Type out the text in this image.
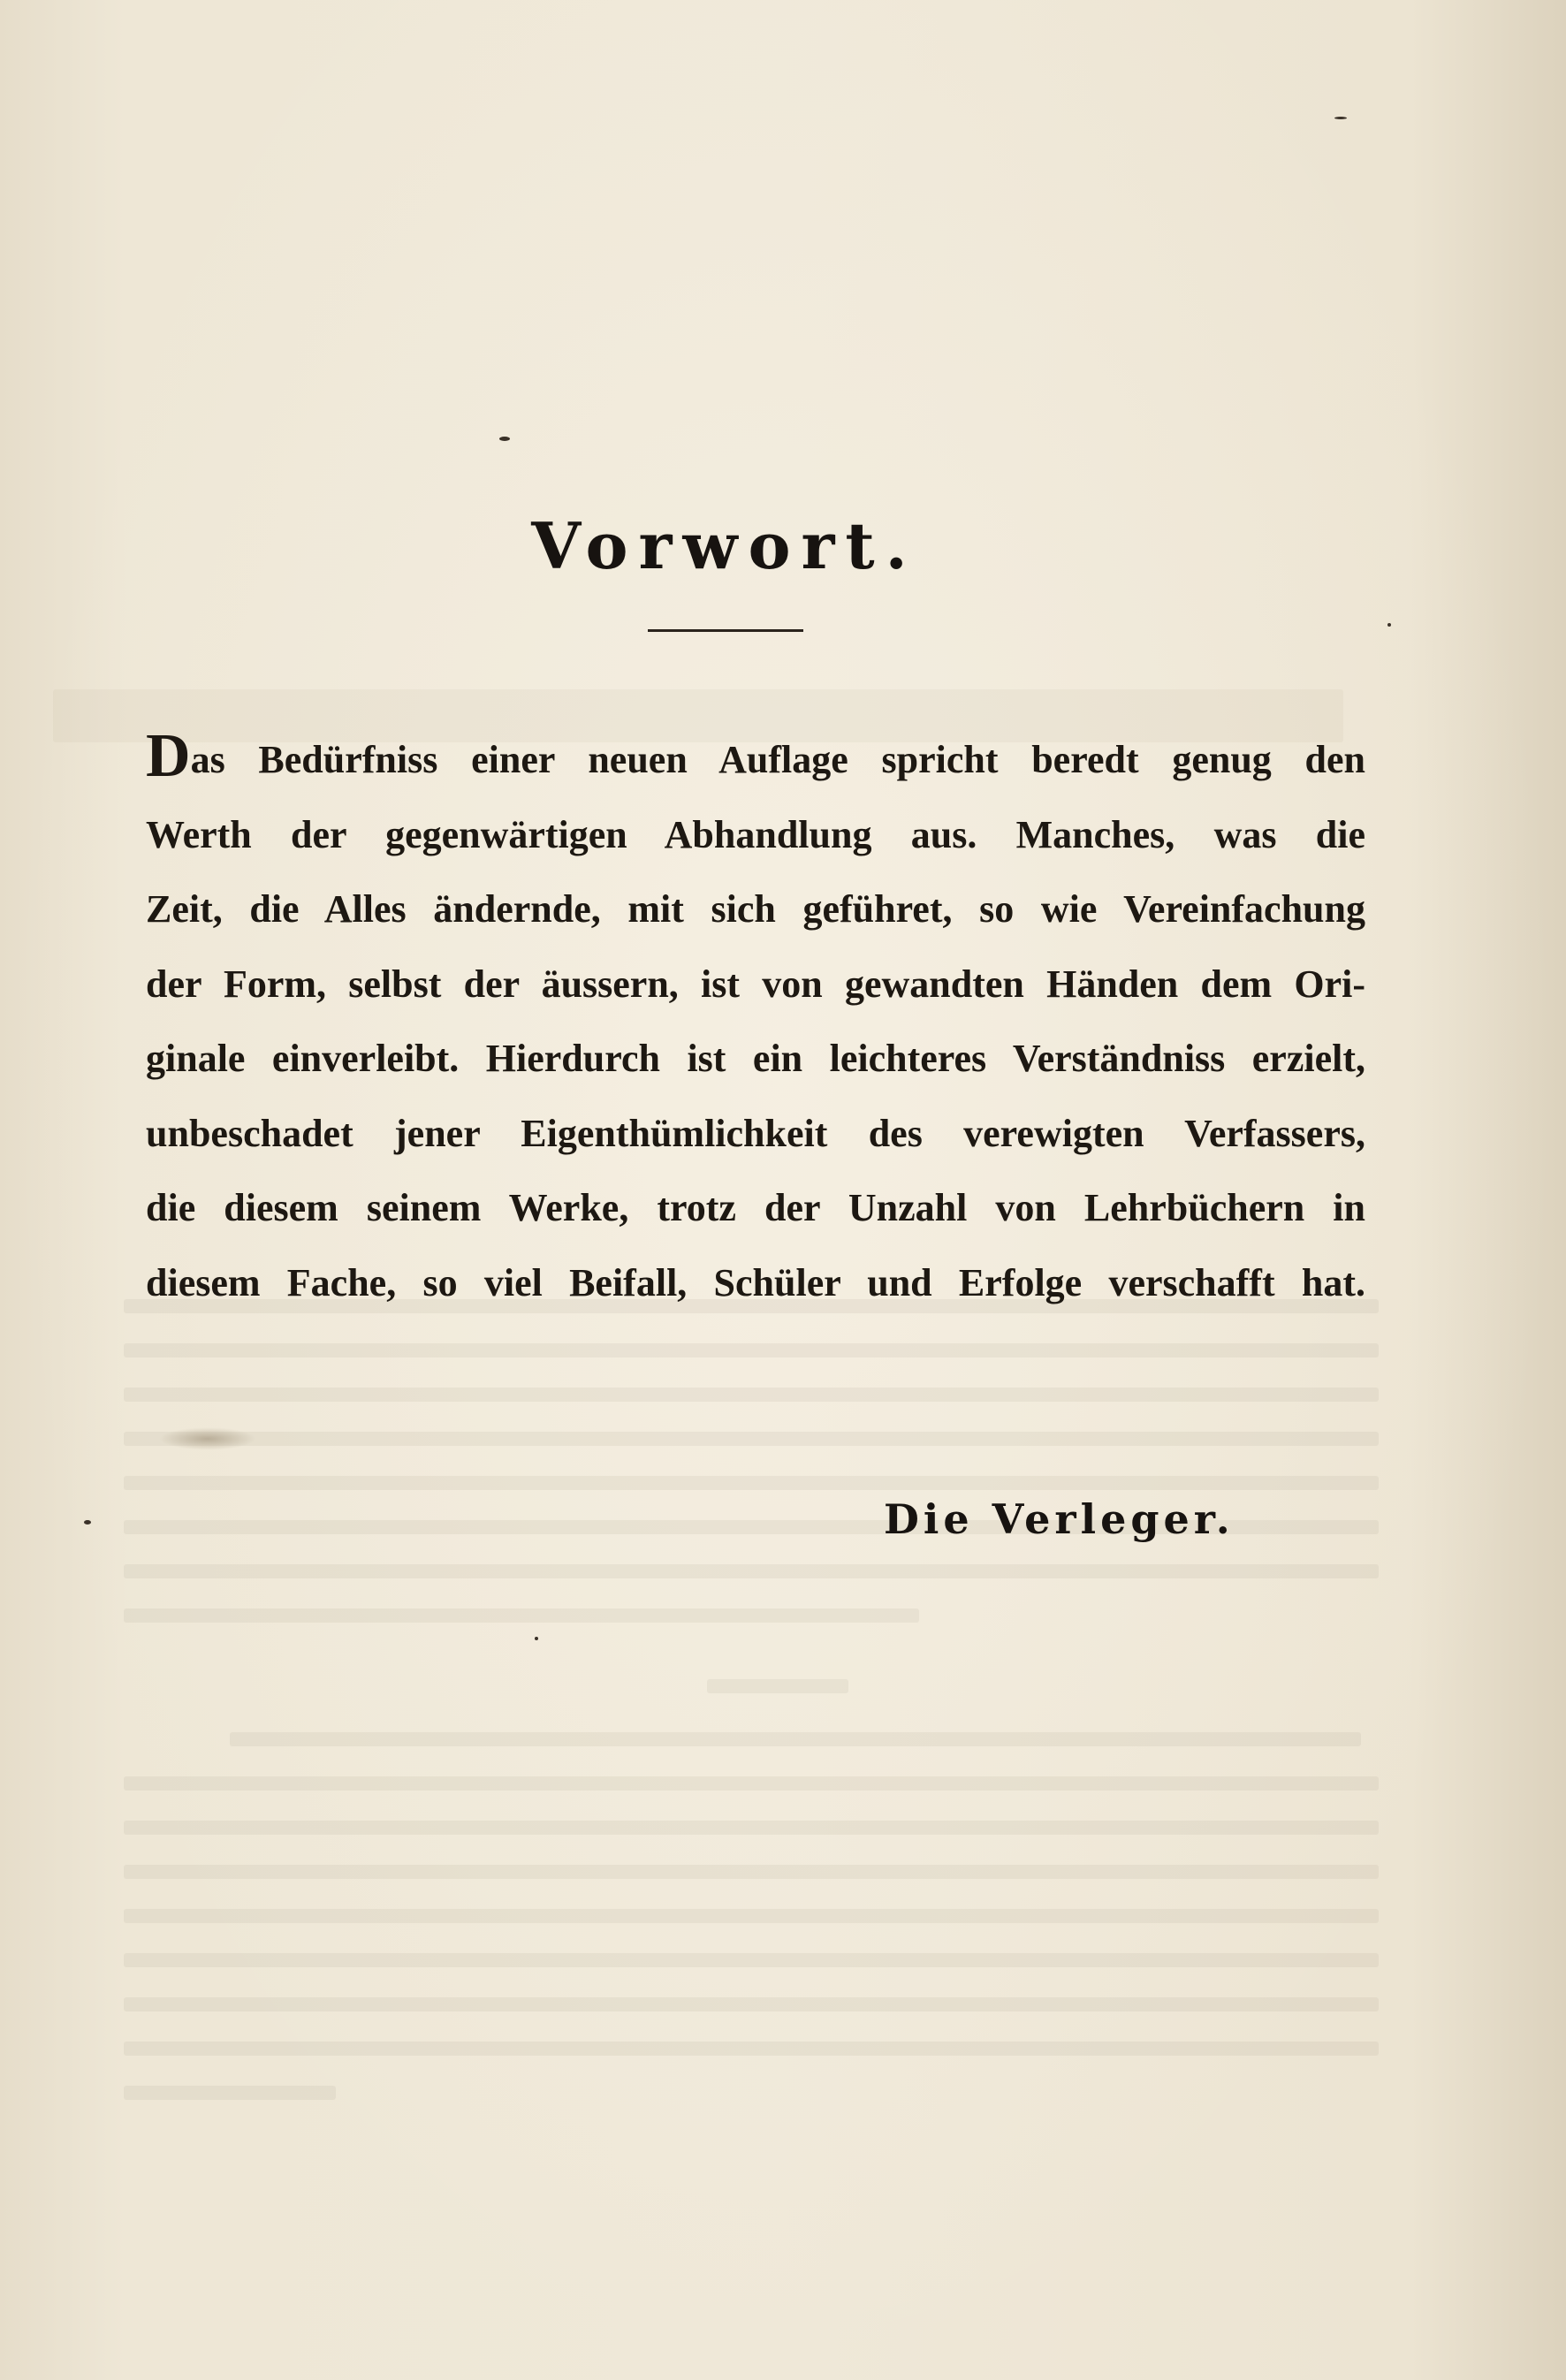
Vorwort.
Das Bedürfniss einer neuen Auflage spricht beredt genug den
Werth der gegenwärtigen Abhandlung aus. Manches, was die
Zeit, die Alles ändernde, mit sich geführet, so wie Vereinfachung
der Form, selbst der äussern, ist von gewandten Händen dem Ori-
ginale einverleibt. Hierdurch ist ein leichteres Verständniss erzielt,
unbeschadet jener Eigenthümlichkeit des verewigten Verfassers,
die diesem seinem Werke, trotz der Unzahl von Lehrbüchern in
diesem Fache, so viel Beifall, Schüler und Erfolge verschafft hat.
Die Verleger.
